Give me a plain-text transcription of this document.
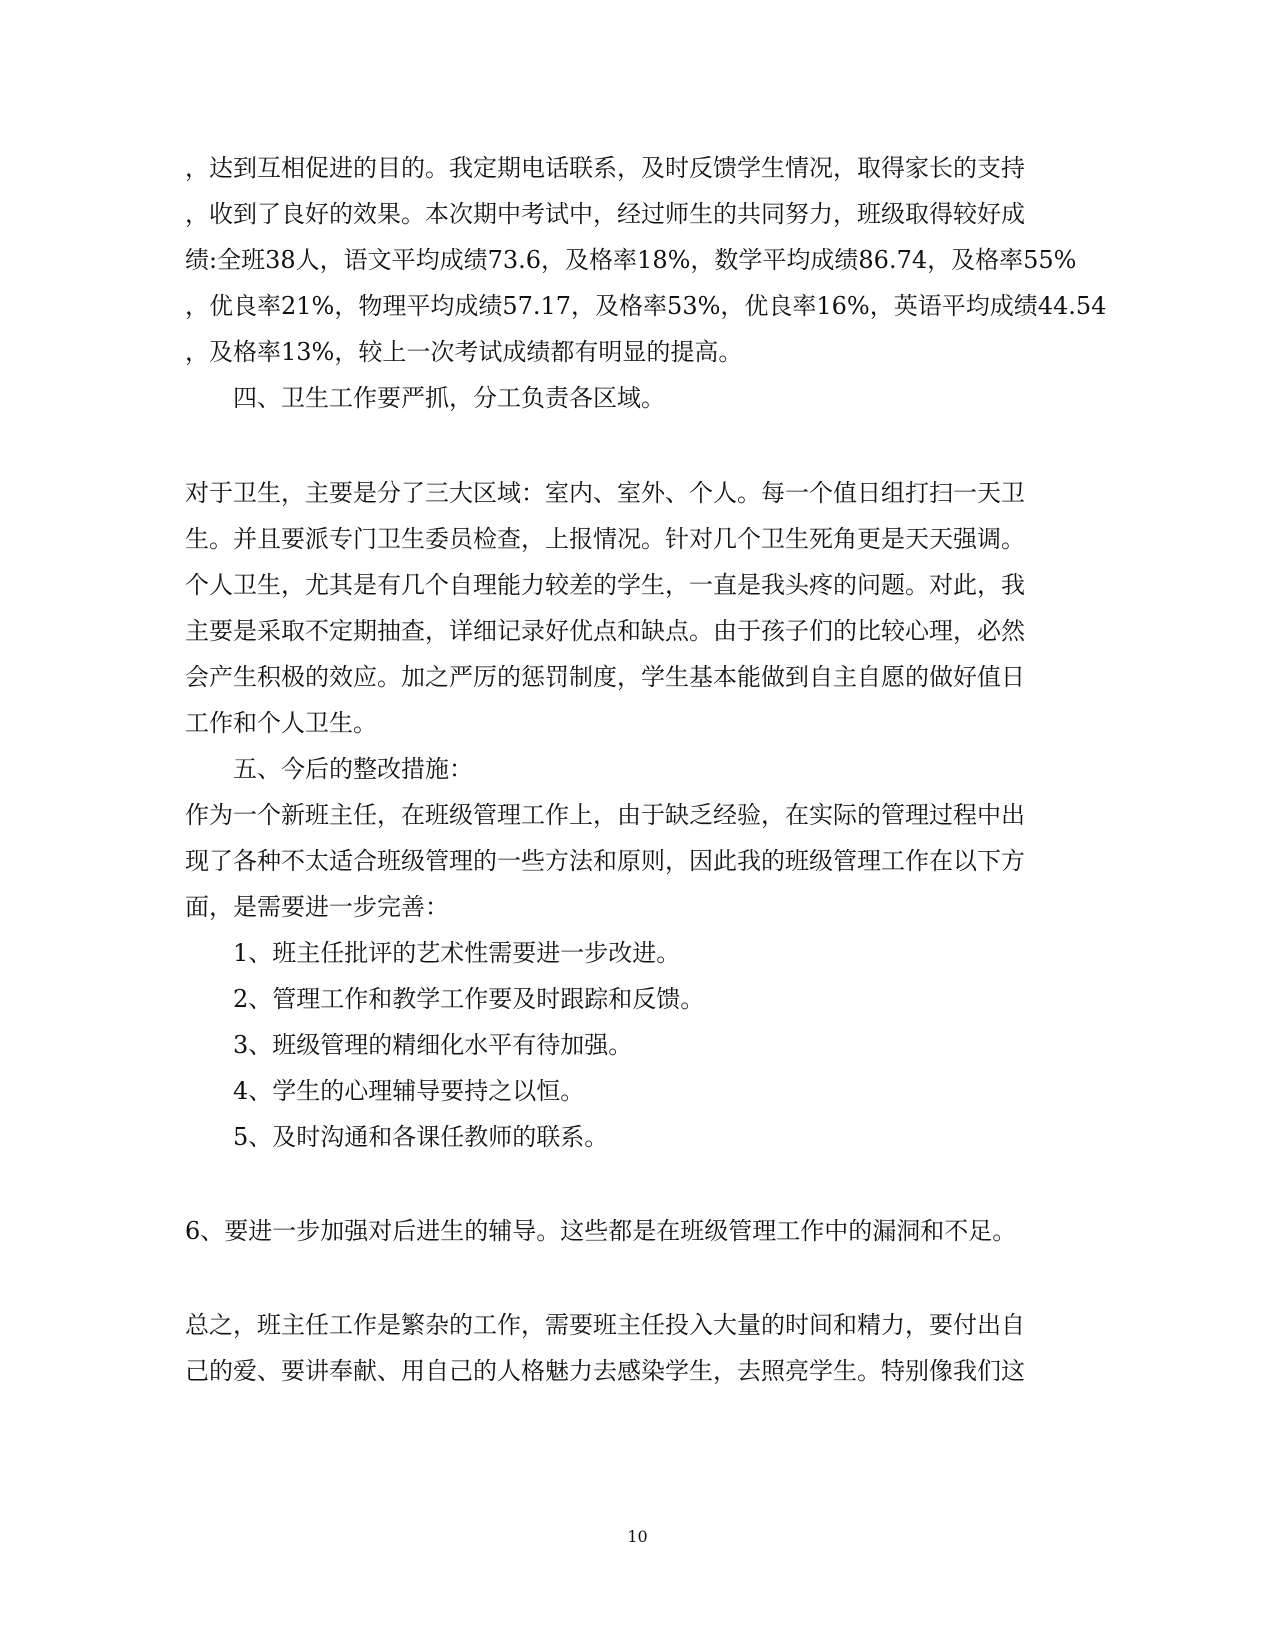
，达到互相促进的目的。我定期电话联系，及时反馈学生情况，取得家长的支持
，收到了良好的效果。本次期中考试中，经过师生的共同努力，班级取得较好成
绩:全班38人，语文平均成绩73.6，及格率18%，数学平均成绩86.74，及格率55%
，优良率21%，物理平均成绩57.17，及格率53%，优良率16%，英语平均成绩44.54
，及格率13%，较上一次考试成绩都有明显的提高。
四、卫生工作要严抓，分工负责各区域。
对于卫生，主要是分了三大区域：室内、室外、个人。每一个值日组打扫一天卫
生。并且要派专门卫生委员检查，上报情况。针对几个卫生死角更是天天强调。
个人卫生，尤其是有几个自理能力较差的学生，一直是我头疼的问题。对此，我
主要是采取不定期抽查，详细记录好优点和缺点。由于孩子们的比较心理，必然
会产生积极的效应。加之严厉的惩罚制度，学生基本能做到自主自愿的做好值日
工作和个人卫生。
五、今后的整改措施：
作为一个新班主任，在班级管理工作上，由于缺乏经验，在实际的管理过程中出
现了各种不太适合班级管理的一些方法和原则，因此我的班级管理工作在以下方
面，是需要进一步完善：
1、班主任批评的艺术性需要进一步改进。
2、管理工作和教学工作要及时跟踪和反馈。
3、班级管理的精细化水平有待加强。
4、学生的心理辅导要持之以恒。
5、及时沟通和各课任教师的联系。
6、要进一步加强对后进生的辅导。这些都是在班级管理工作中的漏洞和不足。
总之，班主任工作是繁杂的工作，需要班主任投入大量的时间和精力，要付出自
己的爱、要讲奉献、用自己的人格魅力去感染学生，去照亮学生。特别像我们这
10
